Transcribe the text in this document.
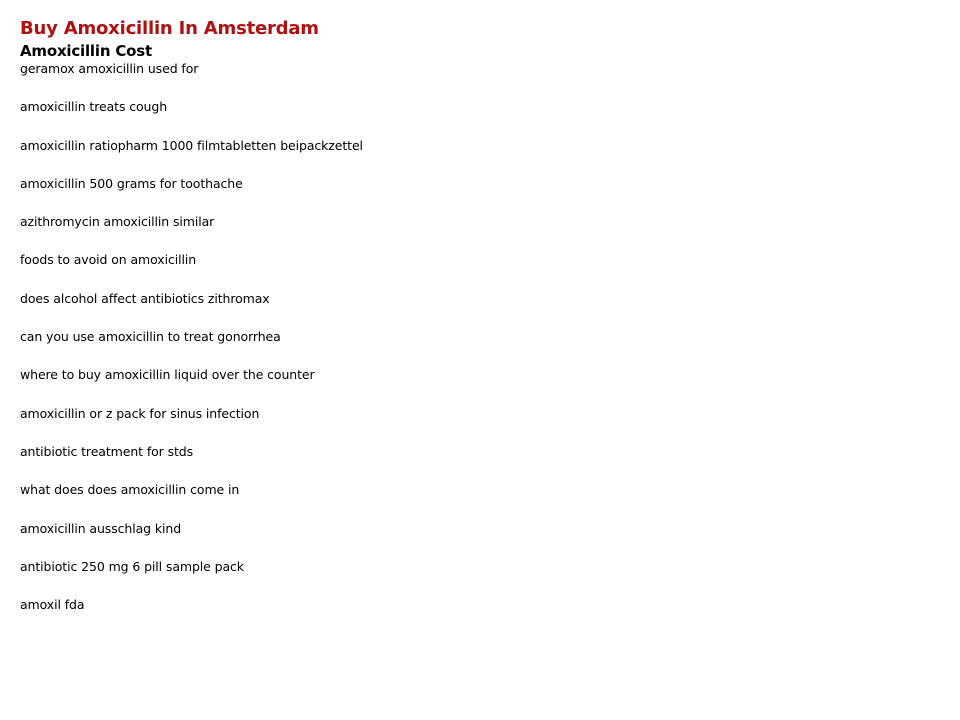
Buy Amoxicillin In Amsterdam
Amoxicillin Cost
geramox amoxicillin used for
amoxicillin treats cough
amoxicillin ratiopharm 1000 filmtabletten beipackzettel
amoxicillin 500 grams for toothache
azithromycin amoxicillin similar
foods to avoid on amoxicillin
does alcohol affect antibiotics zithromax
can you use amoxicillin to treat gonorrhea
where to buy amoxicillin liquid over the counter
amoxicillin or z pack for sinus infection
antibiotic treatment for stds
what does does amoxicillin come in
amoxicillin ausschlag kind
antibiotic 250 mg 6 pill sample pack
amoxil fda
